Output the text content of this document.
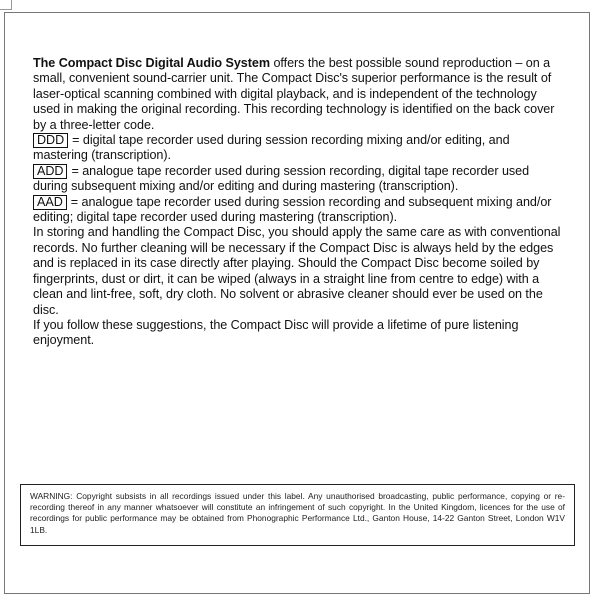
The Compact Disc Digital Audio System offers the best possible sound reproduction – on a small, convenient sound-carrier unit. The Compact Disc's superior performance is the result of laser-optical scanning combined with digital playback, and is independent of the technology used in making the original recording. This recording technology is identified on the back cover by a three-letter code.

DDD = digital tape recorder used during session recording mixing and/or editing, and mastering (transcription).

ADD = analogue tape recorder used during session recording, digital tape recorder used during subsequent mixing and/or editing and during mastering (transcription).

AAD = analogue tape recorder used during session recording and subsequent mixing and/or editing; digital tape recorder used during mastering (transcription).

In storing and handling the Compact Disc, you should apply the same care as with conventional records. No further cleaning will be necessary if the Compact Disc is always held by the edges and is replaced in its case directly after playing. Should the Compact Disc become soiled by fingerprints, dust or dirt, it can be wiped (always in a straight line from centre to edge) with a clean and lint-free, soft, dry cloth. No solvent or abrasive cleaner should ever be used on the disc.

If you follow these suggestions, the Compact Disc will provide a lifetime of pure listening enjoyment.

WARNING: Copyright subsists in all recordings issued under this label. Any unauthorised broadcasting, public performance, copying or re-recording thereof in any manner whatsoever will constitute an infringement of such copyright. In the United Kingdom, licences for the use of recordings for public performance may be obtained from Phonographic Performance Ltd., Ganton House, 14-22 Ganton Street, London W1V 1LB.
